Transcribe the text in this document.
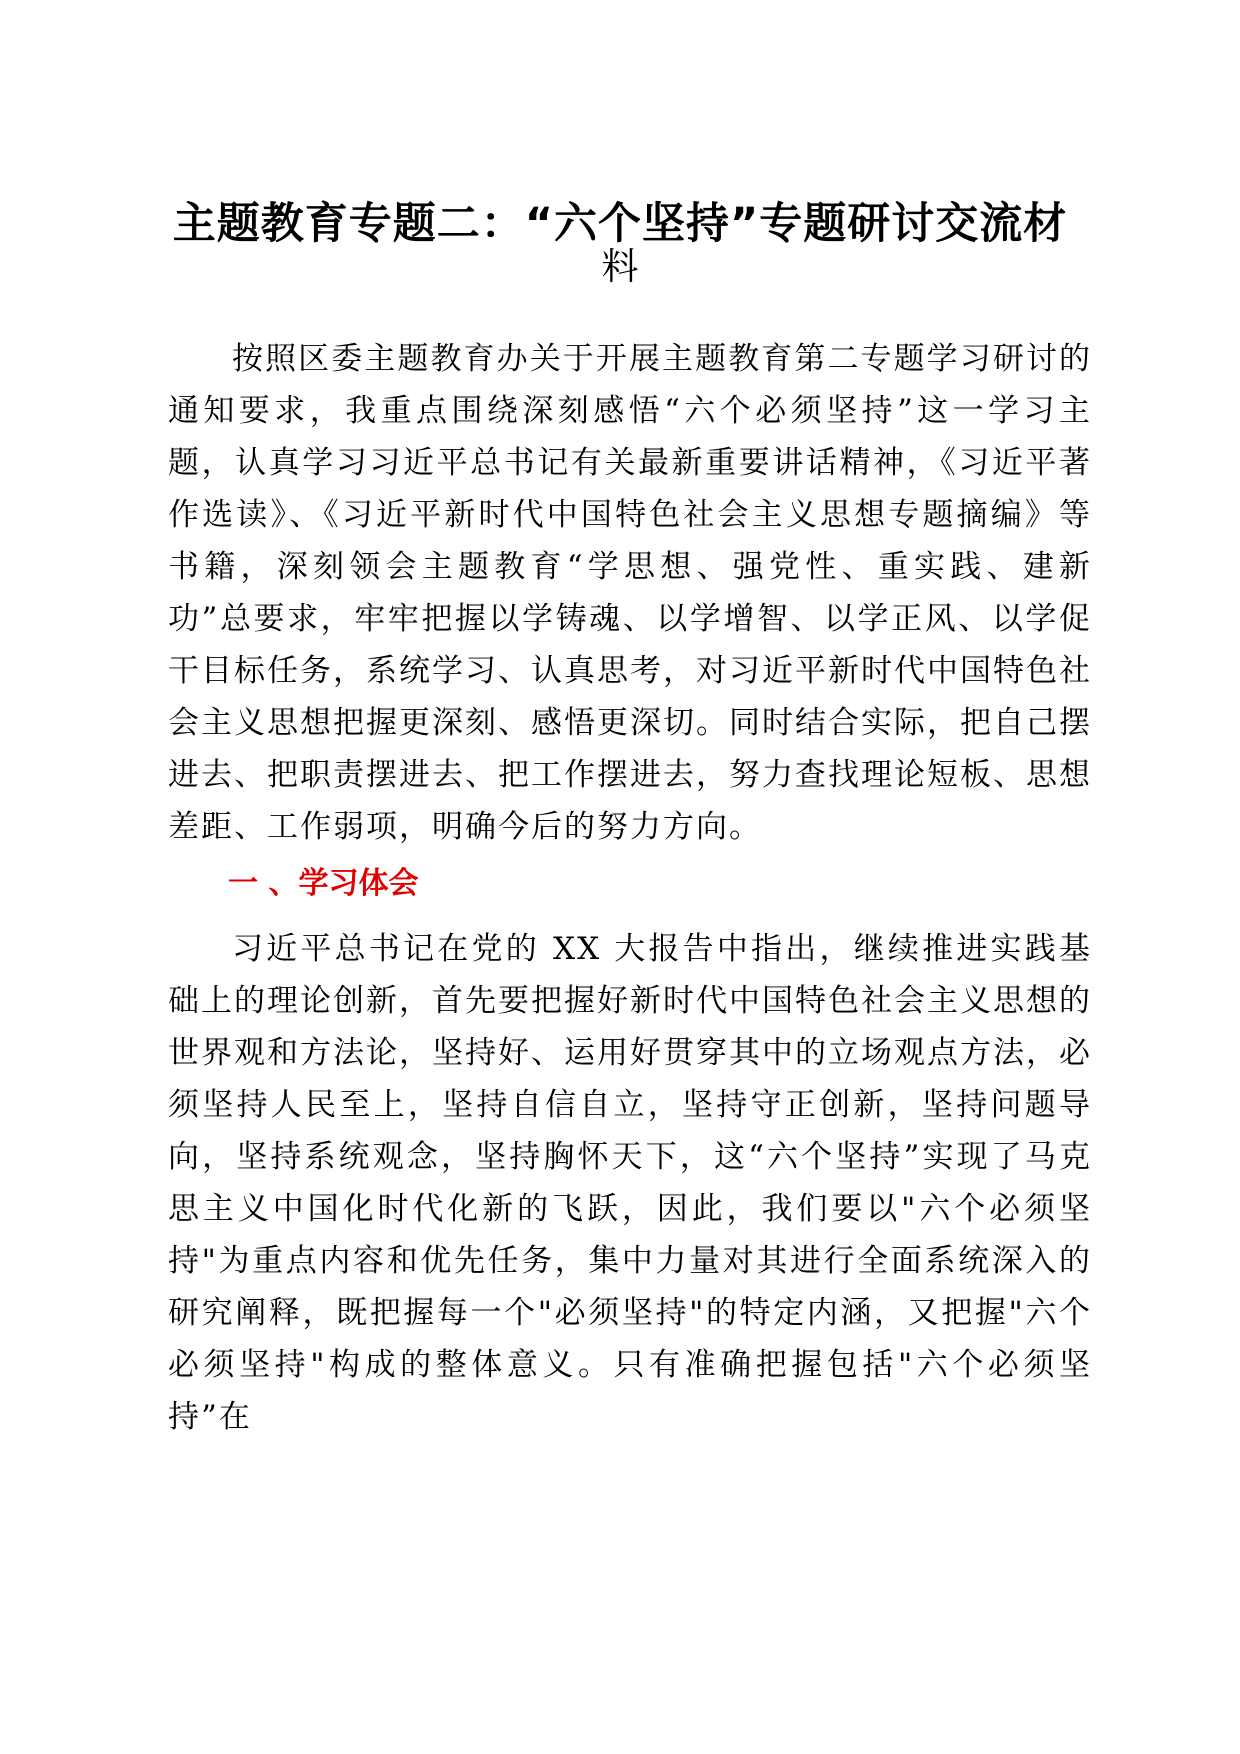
主题教育专题二：“六个坚持”专题研讨交流材
料

按照区委主题教育办关于开展主题教育第二专题学习研讨的通知要求，我重点围绕深刻感悟“六个必须坚持”这一学习主题，认真学习习近平总书记有关最新重要讲话精神，《习近平著作选读》、《习近平新时代中国特色社会主义思想专题摘编》等书籍，深刻领会主题教育“学思想、强党性、重实践、建新功”总要求，牢牢把握以学铸魂、以学增智、以学正风、以学促干目标任务，系统学习、认真思考，对习近平新时代中国特色社会主义思想把握更深刻、感悟更深切。同时结合实际，把自己摆进去、把职责摆进去、把工作摆进去，努力查找理论短板、思想差距、工作弱项，明确今后的努力方向。

一 、学习体会

习近平总书记在党的 XX 大报告中指出，继续推进实践基础上的理论创新，首先要把握好新时代中国特色社会主义思想的世界观和方法论，坚持好、运用好贯穿其中的立场观点方法，必须坚持人民至上，坚持自信自立，坚持守正创新，坚持问题导向，坚持系统观念，坚持胸怀天下，这“六个坚持”实现了马克思主义中国化时代化新的飞跃，因此，我们要以"六个必须坚持"为重点内容和优先任务，集中力量对其进行全面系统深入的研究阐释，既把握每一个"必须坚持"的特定内涵，又把握"六个必须坚持"构成的整体意义。只有准确把握包括"六个必须坚持”在
